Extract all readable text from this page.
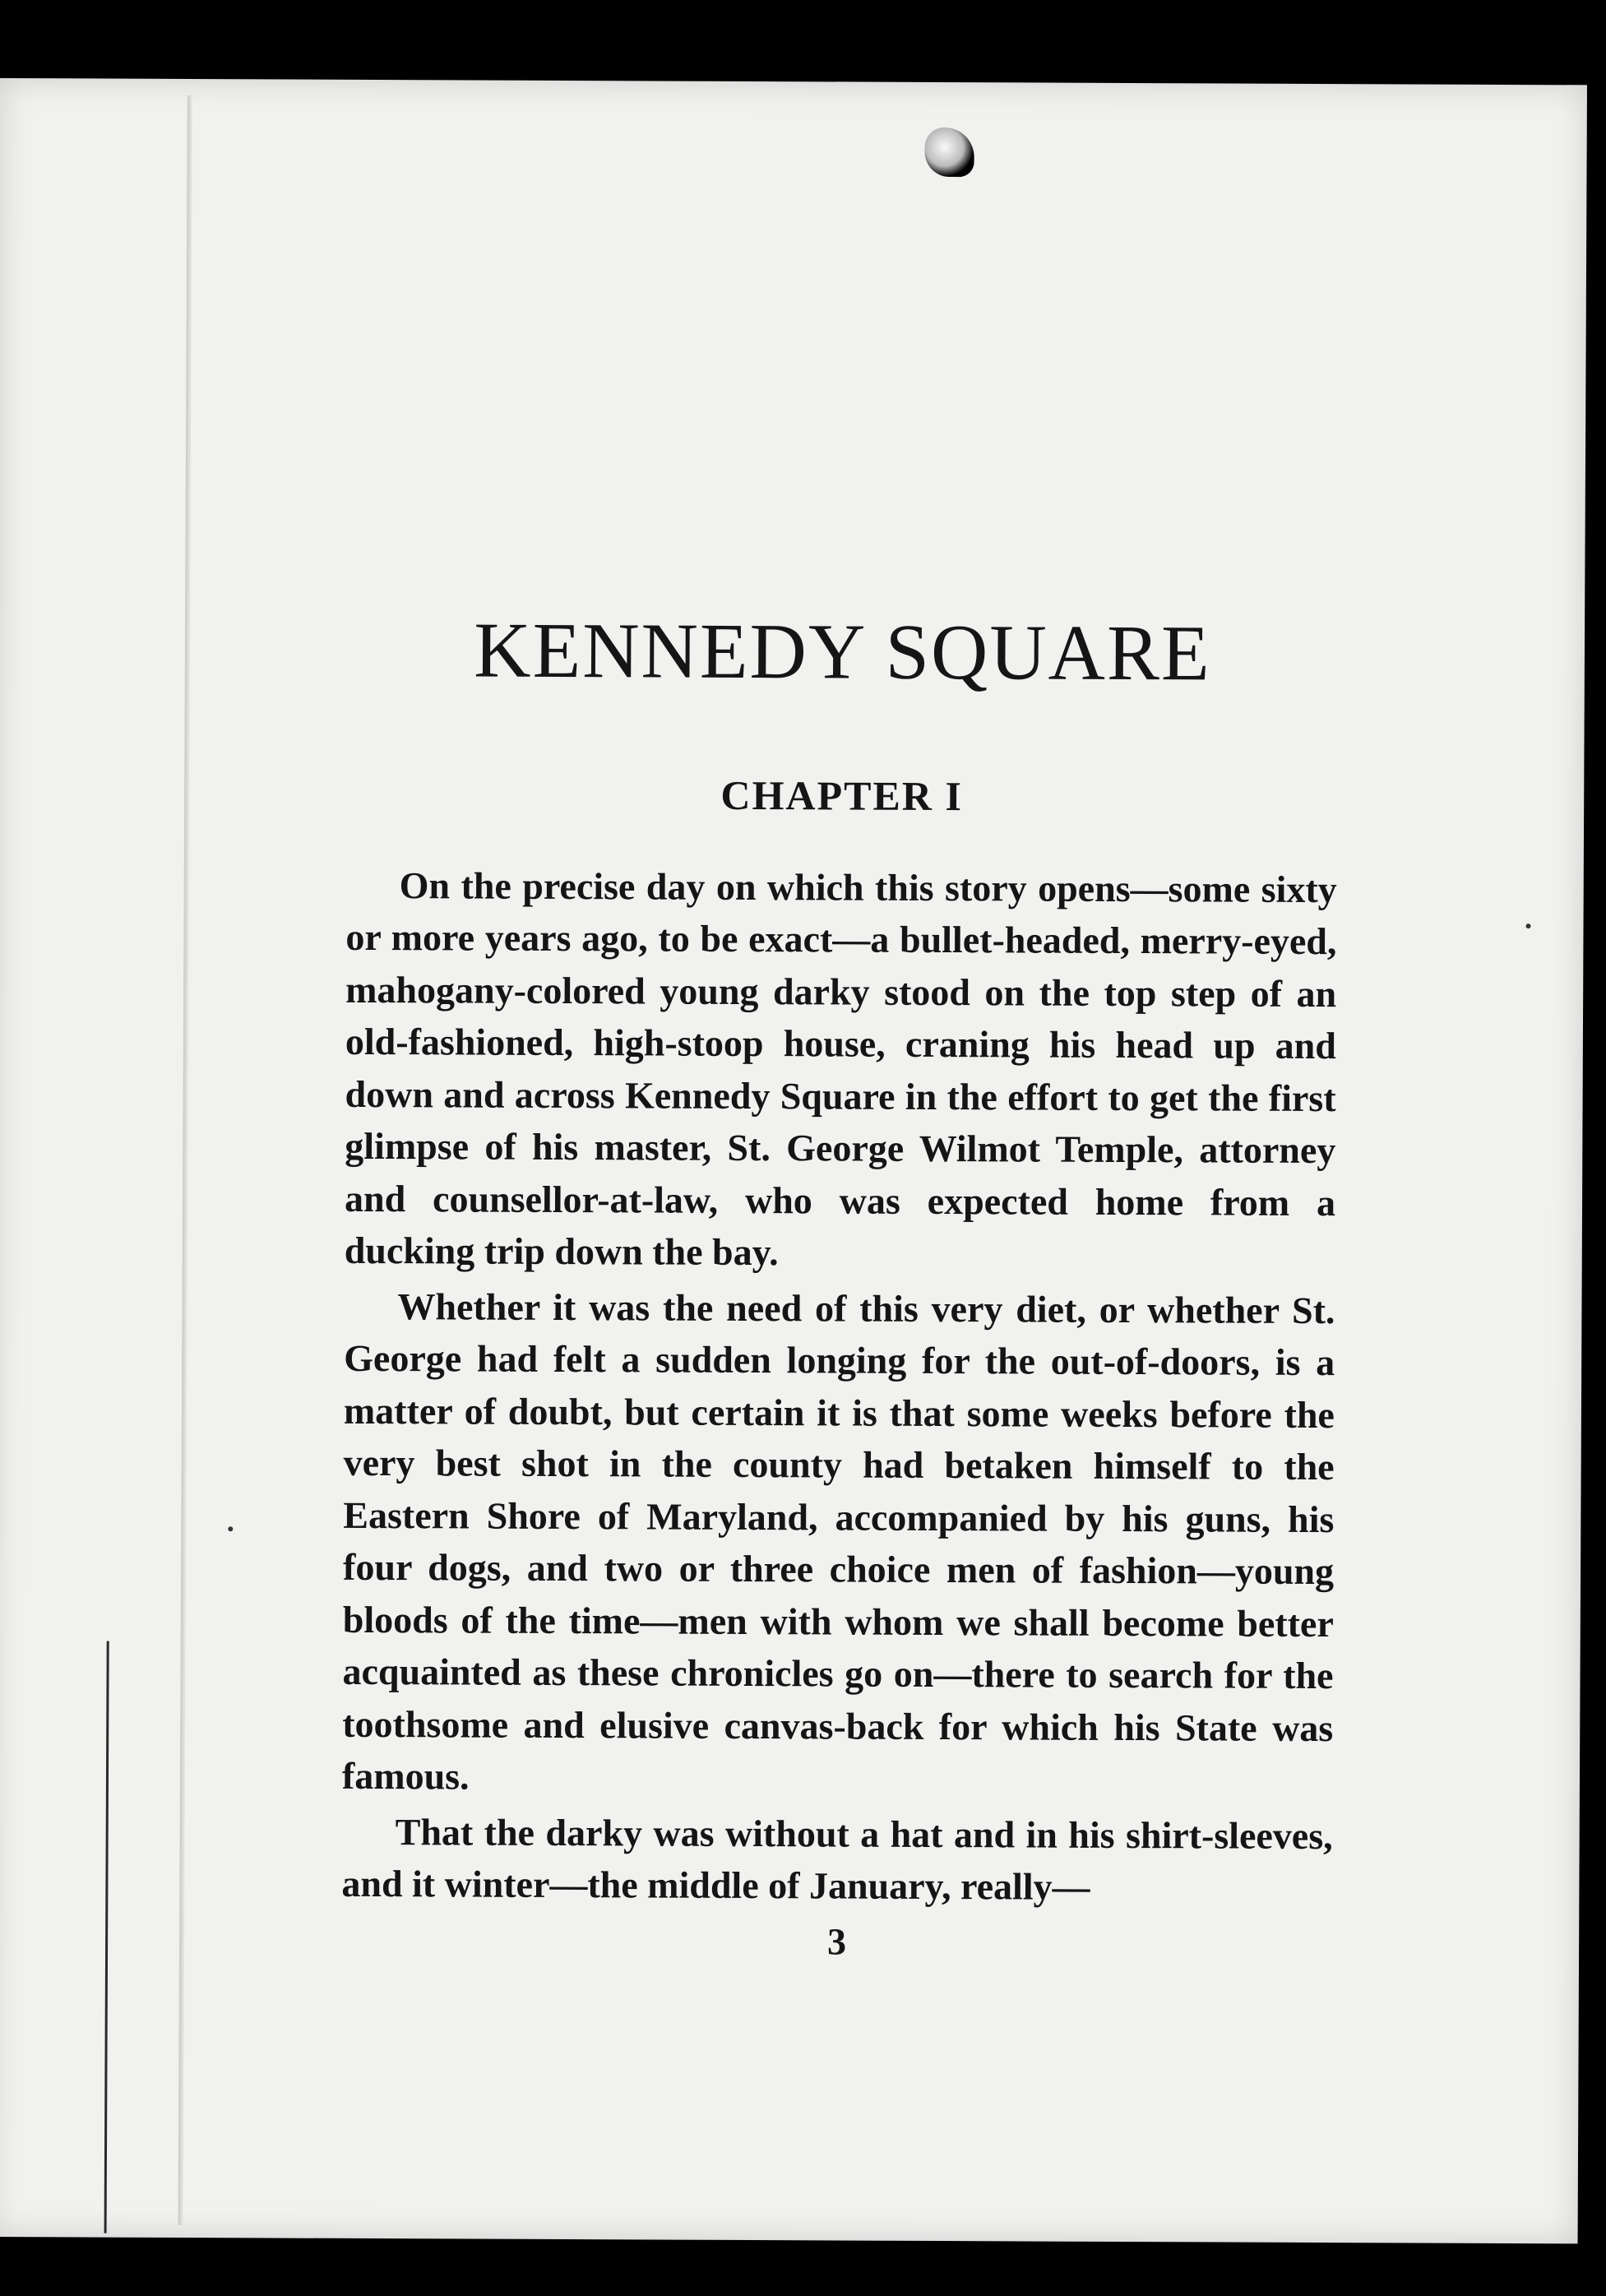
KENNEDY SQUARE
CHAPTER I

On the precise day on which this story opens—some sixty or more years ago, to be exact—a bullet-headed, merry-eyed, mahogany-colored young darky stood on the top step of an old-fashioned, high-stoop house, craning his head up and down and across Kennedy Square in the effort to get the first glimpse of his master, St. George Wilmot Temple, attorney and counsellor-at-law, who was expected home from a ducking trip down the bay.

Whether it was the need of this very diet, or whether St. George had felt a sudden longing for the out-of-doors, is a matter of doubt, but certain it is that some weeks before the very best shot in the county had betaken himself to the Eastern Shore of Maryland, accompanied by his guns, his four dogs, and two or three choice men of fashion—young bloods of the time—men with whom we shall become better acquainted as these chronicles go on—there to search for the toothsome and elusive canvas-back for which his State was famous.

That the darky was without a hat and in his shirt-sleeves, and it winter—the middle of January, really—

3
